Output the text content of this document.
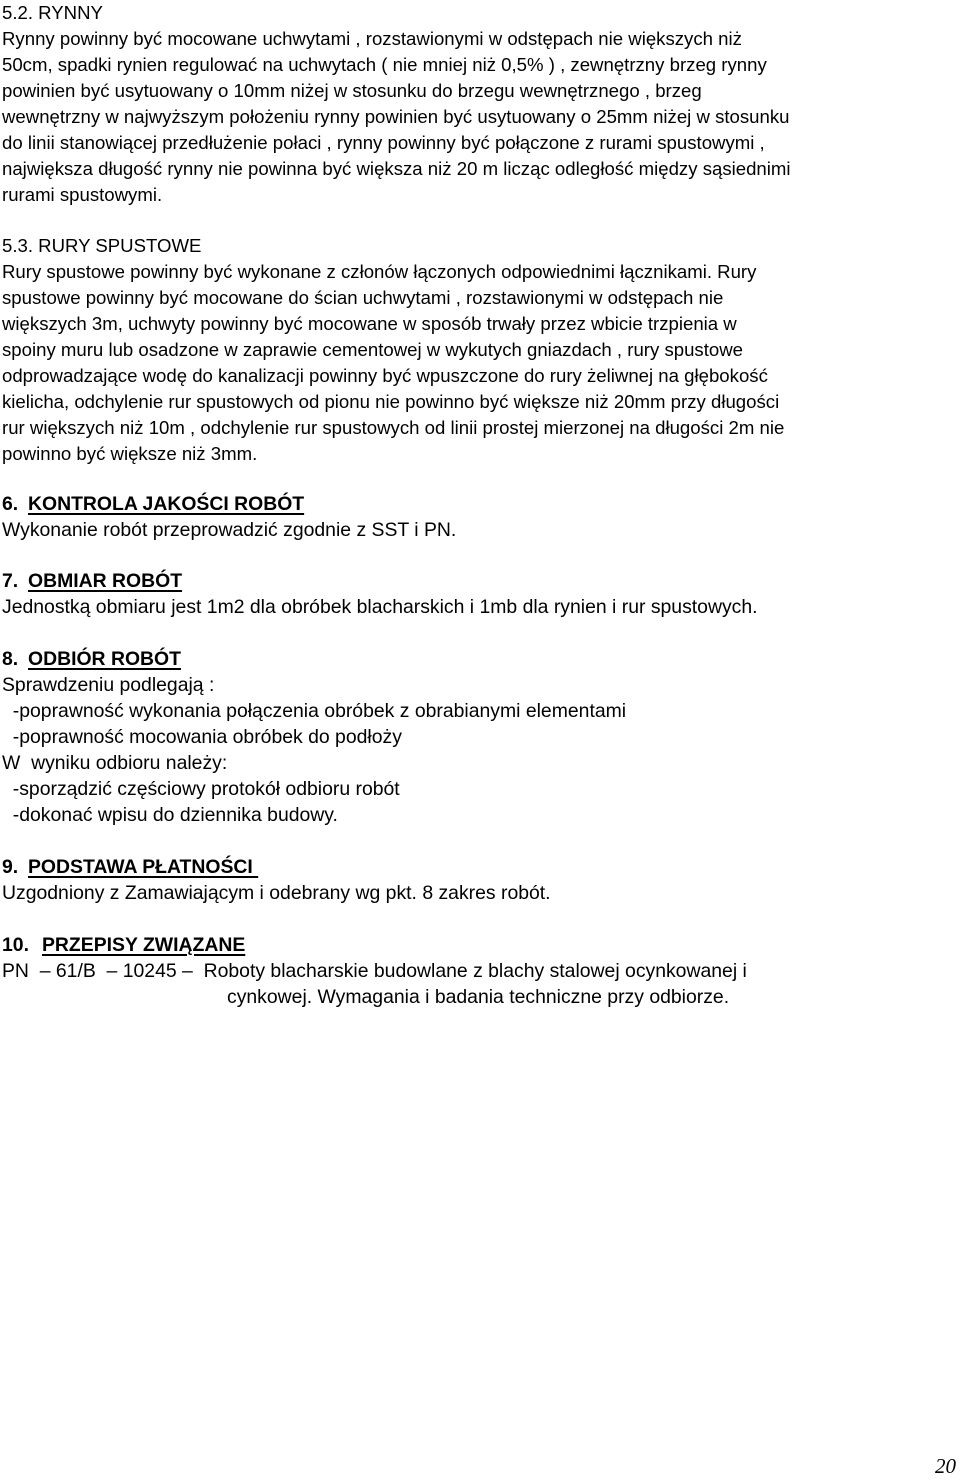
5.2. RYNNY
Rynny powinny być mocowane uchwytami , rozstawionymi w odstępach nie większych niż
50cm, spadki rynien regulować na uchwytach ( nie mniej niż 0,5% ) , zewnętrzny brzeg rynny
powinien być usytuowany o 10mm niżej w stosunku do brzegu wewnętrznego , brzeg
wewnętrzny w najwyższym położeniu rynny powinien być usytuowany o 25mm niżej w stosunku
do linii stanowiącej przedłużenie połaci , rynny powinny być połączone z rurami spustowymi ,
największa długość rynny nie powinna być większa niż 20 m licząc odległość między sąsiednimi
rurami spustowymi.
5.3. RURY SPUSTOWE
Rury spustowe powinny być wykonane z członów łączonych odpowiednimi łącznikami. Rury
spustowe powinny być mocowane do ścian uchwytami , rozstawionymi w odstępach nie
większych 3m, uchwyty powinny być mocowane w sposób trwały przez wbicie trzpienia w
spoiny muru lub osadzone w zaprawie cementowej w wykutych gniazdach , rury spustowe
odprowadzające wodę do kanalizacji powinny być wpuszczone do rury żeliwnej na głębokość
kielicha, odchylenie rur spustowych od pionu nie powinno być większe niż 20mm przy długości
rur większych niż 10m , odchylenie rur spustowych od linii prostej mierzonej na długości 2m nie
powinno być większe niż 3mm.
6. KONTROLA JAKOŚCI ROBÓT
Wykonanie robót przeprowadzić zgodnie z SST i PN.
7. OBMIAR ROBÓT
Jednostką obmiaru jest 1m2 dla obróbek blacharskich i 1mb dla rynien i rur spustowych.
8. ODBIÓR ROBÓT
Sprawdzeniu podlegają :
-poprawność wykonania połączenia obróbek z obrabianymi elementami
-poprawność mocowania obróbek do podłoży
W  wyniku odbioru należy:
-sporządzić częściowy protokół odbioru robót
-dokonać wpisu do dziennika budowy.
9. PODSTAWA PŁATNOŚCI
Uzgodniony z Zamawiającym i odebrany wg pkt. 8 zakres robót.
10. PRZEPISY ZWIĄZANE
PN  – 61/B  – 10245 –  Roboty blacharskie budowlane z blachy stalowej ocynkowanej i
cynkowej. Wymagania i badania techniczne przy odbiorze.
20
